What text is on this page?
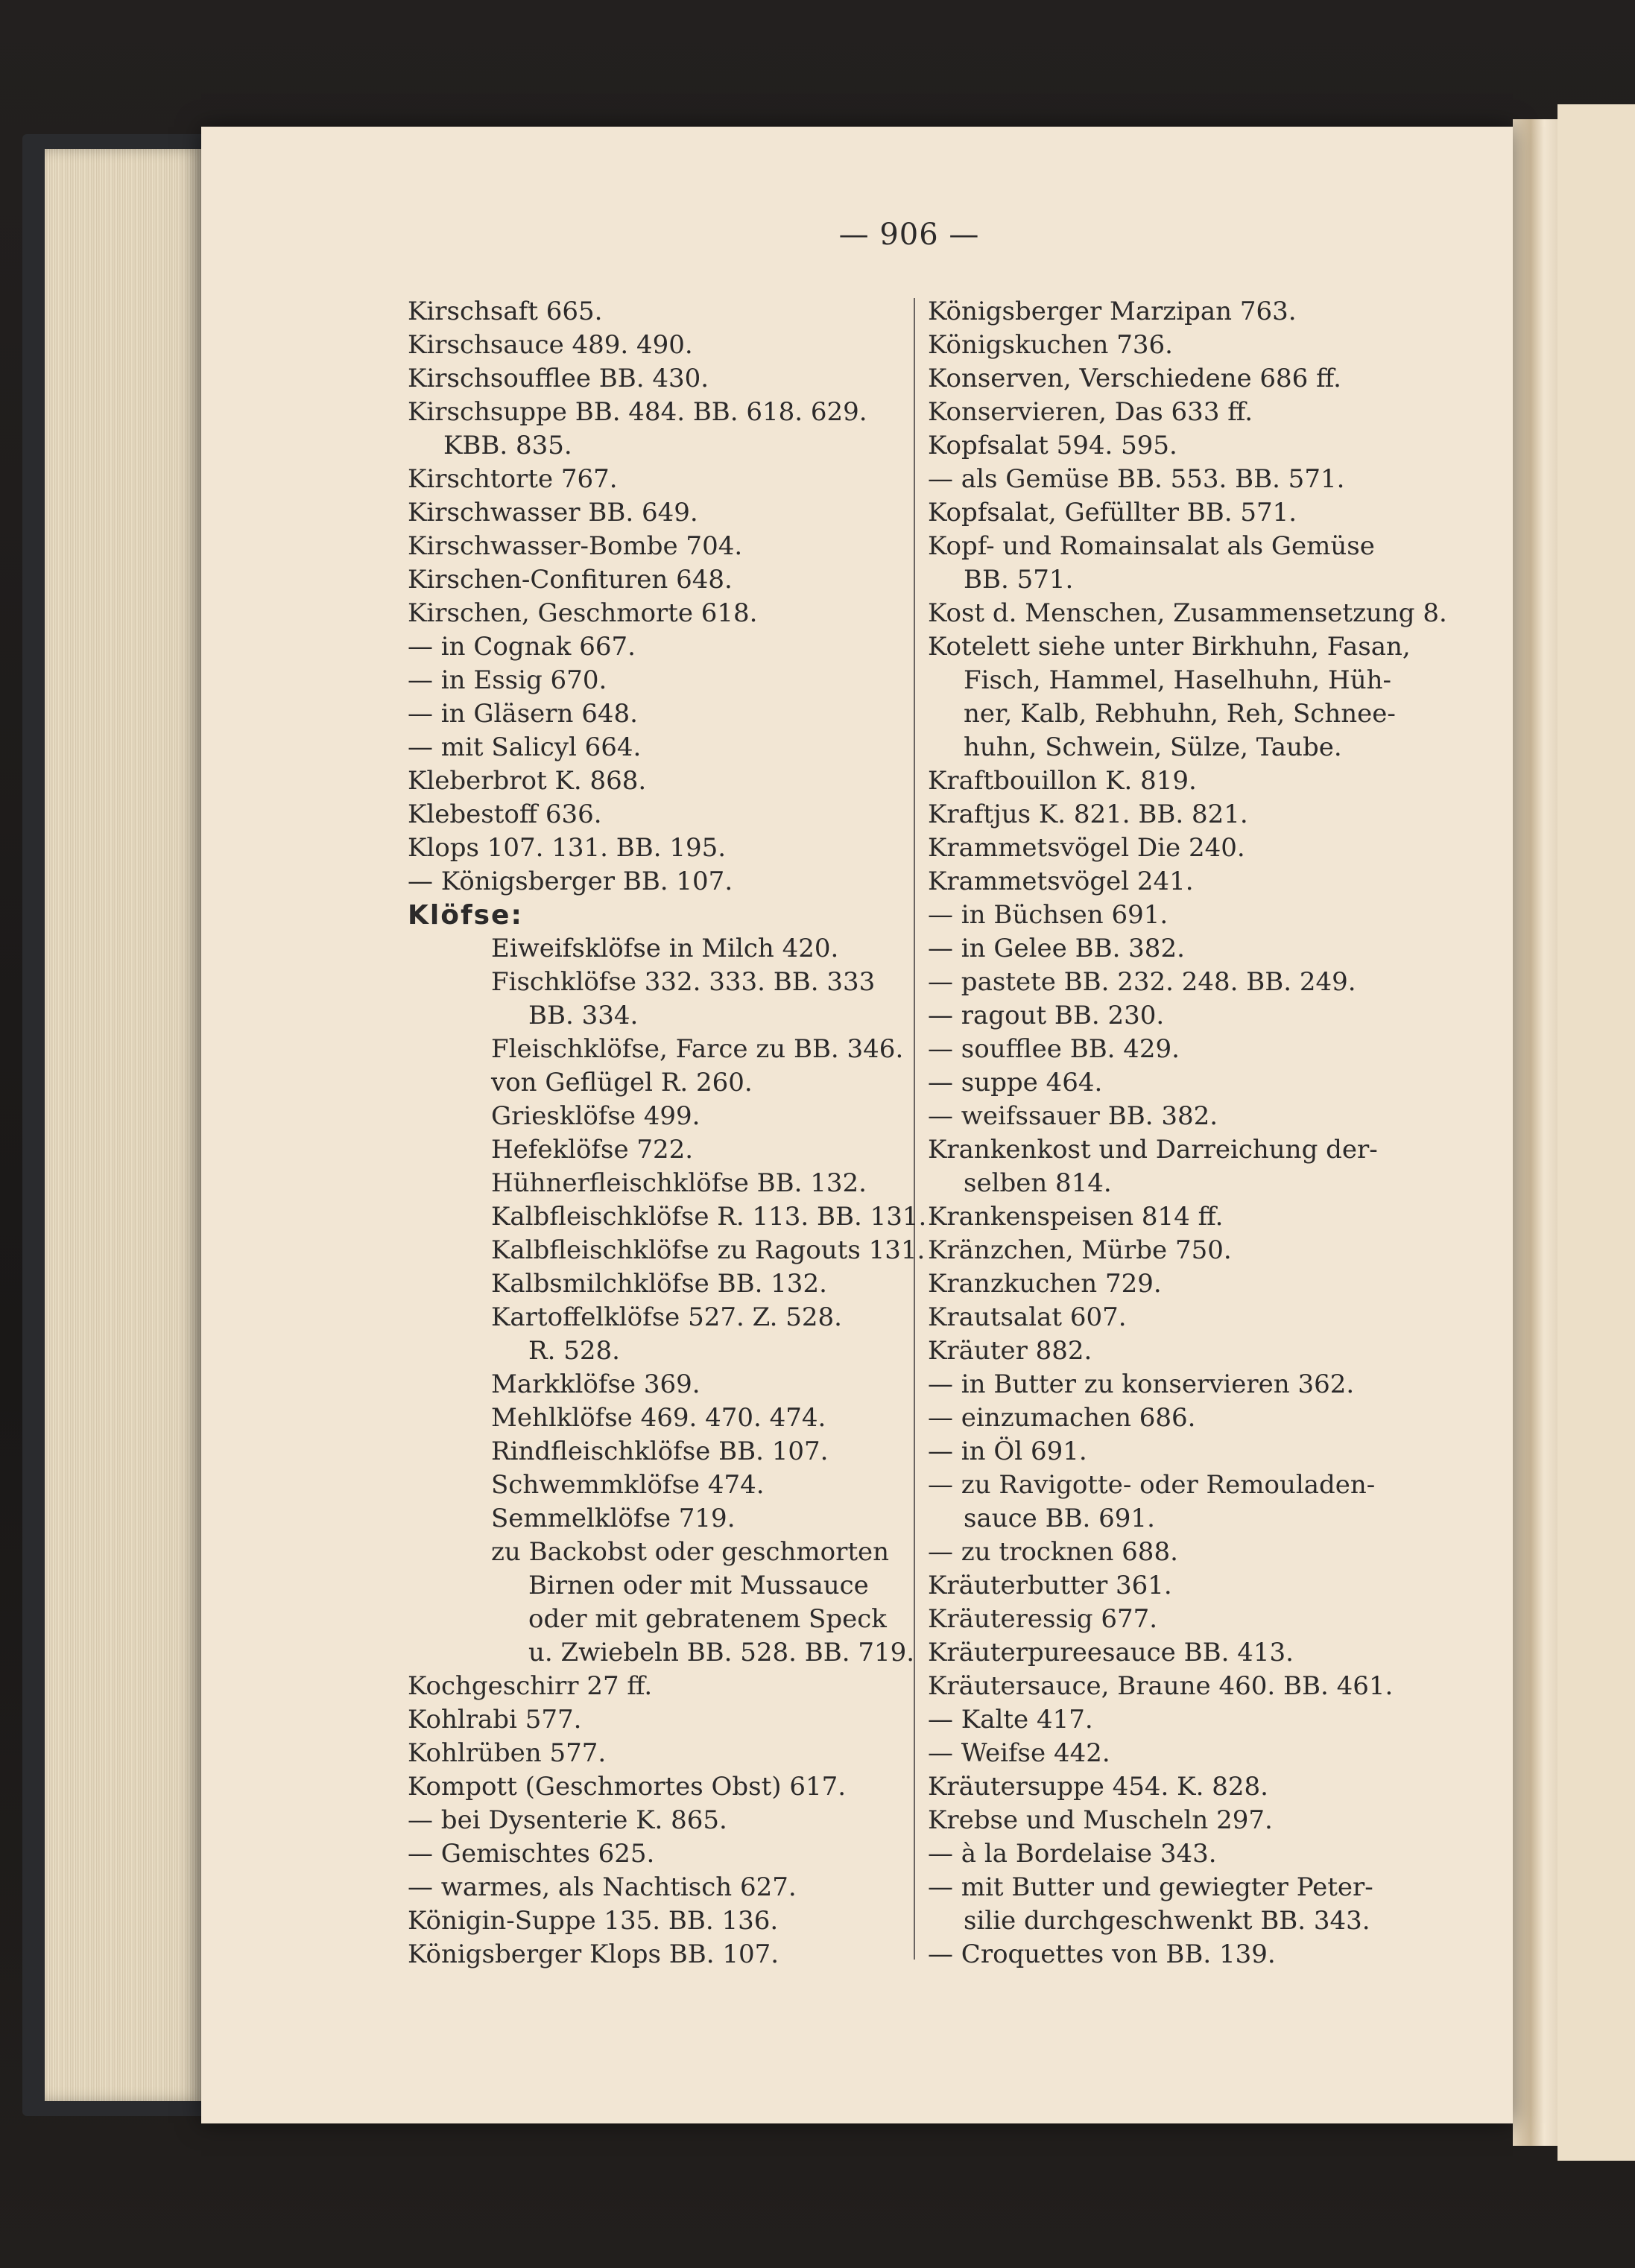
— 906 —
Kirschsaft 665.
Kirschsauce 489. 490.
Kirschsoufflee BB. 430.
Kirschsuppe BB. 484. BB. 618. 629.
KBB. 835.
Kirschtorte 767.
Kirschwasser BB. 649.
Kirschwasser-Bombe 704.
Kirschen-Confituren 648.
Kirschen, Geschmorte 618.
— in Cognak 667.
— in Essig 670.
— in Gläsern 648.
— mit Salicyl 664.
Kleberbrot K. 868.
Klebestoff 636.
Klops 107. 131. BB. 195.
— Königsberger BB. 107.
Klöfse:
Eiweifsklöfse in Milch 420.
Fischklöfse 332. 333. BB. 333
BB. 334.
Fleischklöfse, Farce zu BB. 346.
von Geflügel R. 260.
Griesklöfse 499.
Hefeklöfse 722.
Hühnerfleischklöfse BB. 132.
Kalbfleischklöfse R. 113. BB. 131.
Kalbfleischklöfse zu Ragouts 131.
Kalbsmilchklöfse BB. 132.
Kartoffelklöfse 527. Z. 528.
R. 528.
Markklöfse 369.
Mehlklöfse 469. 470. 474.
Rindfleischklöfse BB. 107.
Schwemmklöfse 474.
Semmelklöfse 719.
zu Backobst oder geschmorten
Birnen oder mit Mussauce
oder mit gebratenem Speck
u. Zwiebeln BB. 528. BB. 719.
Kochgeschirr 27 ff.
Kohlrabi 577.
Kohlrüben 577.
Kompott (Geschmortes Obst) 617.
— bei Dysenterie K. 865.
— Gemischtes 625.
— warmes, als Nachtisch 627.
Königin-Suppe 135. BB. 136.
Königsberger Klops BB. 107.
Königsberger Marzipan 763.
Königskuchen 736.
Konserven, Verschiedene 686 ff.
Konservieren, Das 633 ff.
Kopfsalat 594. 595.
— als Gemüse BB. 553. BB. 571.
Kopfsalat, Gefüllter BB. 571.
Kopf- und Romainsalat als Gemüse
BB. 571.
Kost d. Menschen, Zusammensetzung 8.
Kotelett siehe unter Birkhuhn, Fasan,
Fisch, Hammel, Haselhuhn, Hüh-
ner, Kalb, Rebhuhn, Reh, Schnee-
huhn, Schwein, Sülze, Taube.
Kraftbouillon K. 819.
Kraftjus K. 821. BB. 821.
Krammetsvögel Die 240.
Krammetsvögel 241.
— in Büchsen 691.
— in Gelee BB. 382.
— pastete BB. 232. 248. BB. 249.
— ragout BB. 230.
— soufflee BB. 429.
— suppe 464.
— weifssauer BB. 382.
Krankenkost und Darreichung der-
selben 814.
Krankenspeisen 814 ff.
Kränzchen, Mürbe 750.
Kranzkuchen 729.
Krautsalat 607.
Kräuter 882.
— in Butter zu konservieren 362.
— einzumachen 686.
— in Öl 691.
— zu Ravigotte- oder Remouladen-
sauce BB. 691.
— zu trocknen 688.
Kräuterbutter 361.
Kräuteressig 677.
Kräuterpureesauce BB. 413.
Kräutersauce, Braune 460. BB. 461.
— Kalte 417.
— Weifse 442.
Kräutersuppe 454. K. 828.
Krebse und Muscheln 297.
— à la Bordelaise 343.
— mit Butter und gewiegter Peter-
silie durchgeschwenkt BB. 343.
— Croquettes von BB. 139.
